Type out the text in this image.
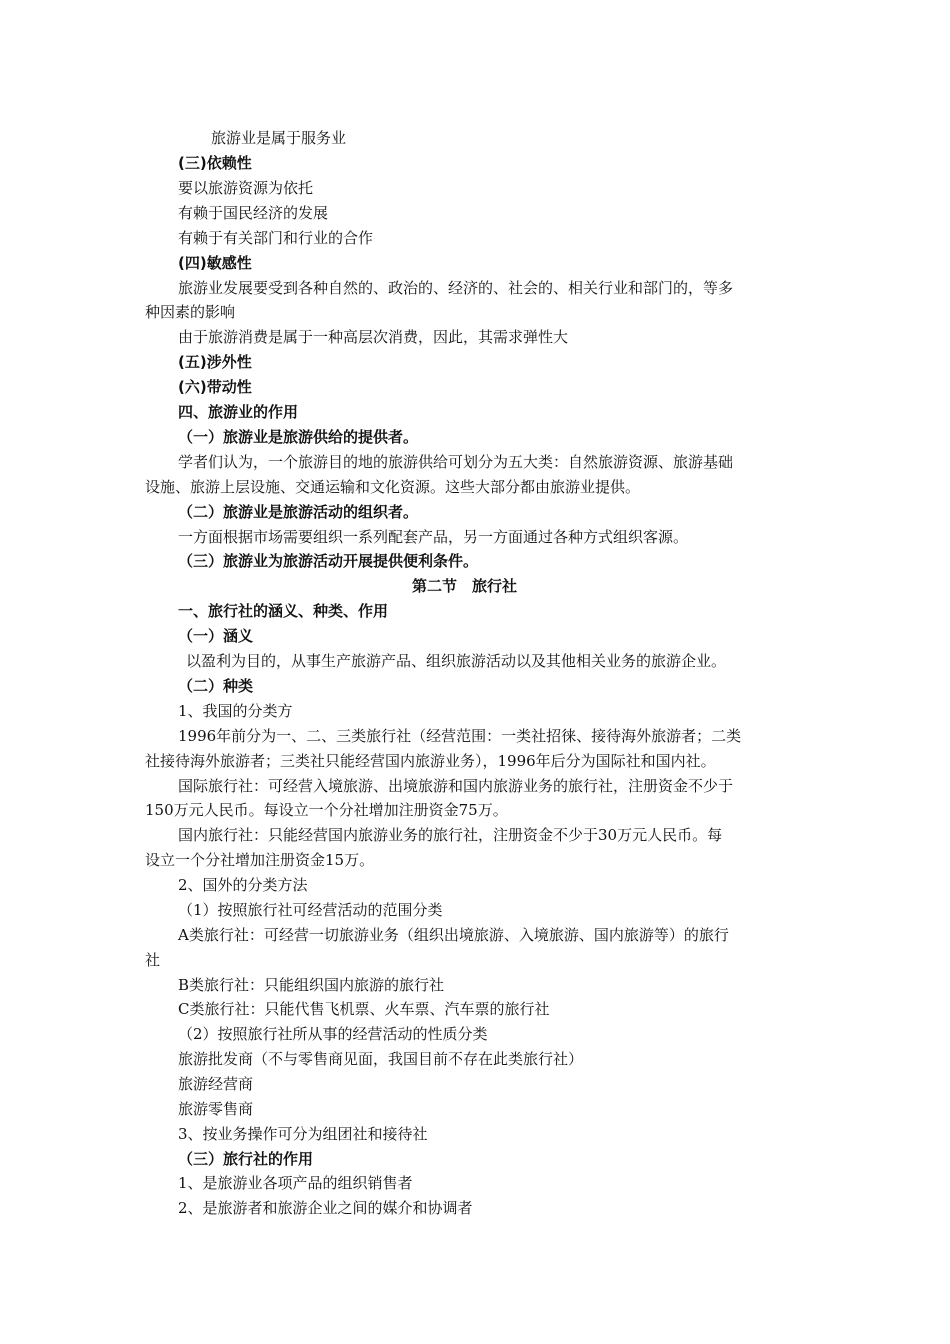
旅游业是属于服务业
(三)依赖性
要以旅游资源为依托
有赖于国民经济的发展
有赖于有关部门和行业的合作
(四)敏感性
旅游业发展要受到各种自然的、政治的、经济的、社会的、相关行业和部门的，等多
种因素的影响
由于旅游消费是属于一种高层次消费，因此，其需求弹性大
(五)涉外性
(六)带动性
四、旅游业的作用
（一）旅游业是旅游供给的提供者。
学者们认为，一个旅游目的地的旅游供给可划分为五大类：自然旅游资源、旅游基础
设施、旅游上层设施、交通运输和文化资源。这些大部分都由旅游业提供。
（二）旅游业是旅游活动的组织者。
一方面根据市场需要组织一系列配套产品，另一方面通过各种方式组织客源。
（三）旅游业为旅游活动开展提供便利条件。
第二节　旅行社
一、旅行社的涵义、种类、作用
（一）涵义
以盈利为目的，从事生产旅游产品、组织旅游活动以及其他相关业务的旅游企业。
（二）种类
1、我国的分类方
1996年前分为一、二、三类旅行社（经营范围：一类社招徕、接待海外旅游者；二类
社接待海外旅游者；三类社只能经营国内旅游业务），1996年后分为国际社和国内社。
国际旅行社：可经营入境旅游、出境旅游和国内旅游业务的旅行社，注册资金不少于
150万元人民币。每设立一个分社增加注册资金75万。
国内旅行社：只能经营国内旅游业务的旅行社，注册资金不少于30万元人民币。每
设立一个分社增加注册资金15万。
2、国外的分类方法
（1）按照旅行社可经营活动的范围分类
A类旅行社：可经营一切旅游业务（组织出境旅游、入境旅游、国内旅游等）的旅行
社
B类旅行社：只能组织国内旅游的旅行社
C类旅行社：只能代售飞机票、火车票、汽车票的旅行社
（2）按照旅行社所从事的经营活动的性质分类
旅游批发商（不与零售商见面，我国目前不存在此类旅行社）
旅游经营商
旅游零售商
3、按业务操作可分为组团社和接待社
（三）旅行社的作用
1、是旅游业各项产品的组织销售者
2、是旅游者和旅游企业之间的媒介和协调者
